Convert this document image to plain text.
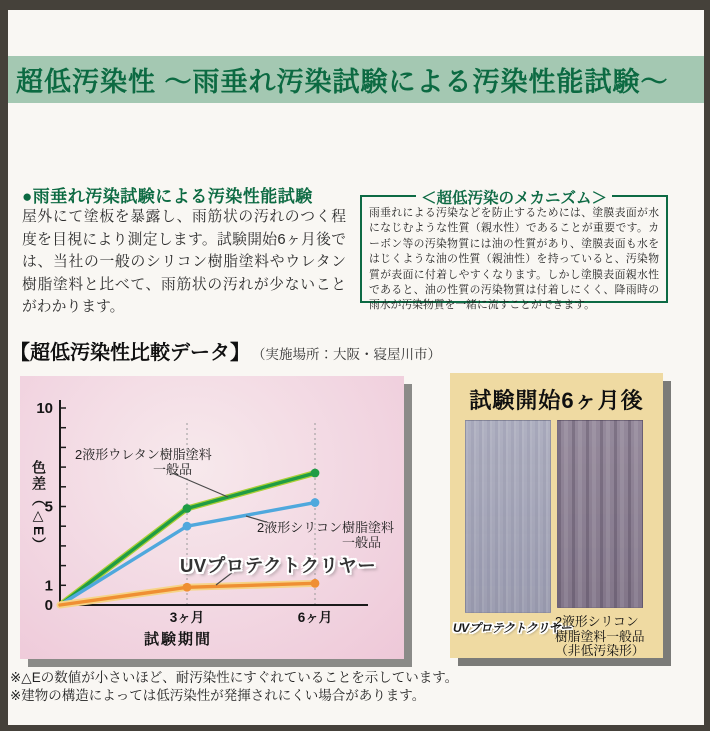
超低汚染性 ～雨垂れ汚染試験による汚染性能試験～
●雨垂れ汚染試験による汚染性能試験
屋外にて塗板を暴露し、雨筋状の汚れのつく程度を目視により測定します。試験開始6ヶ月後では、当社の一般のシリコン樹脂塗料やウレタン樹脂塗料と比べて、雨筋状の汚れが少ないことがわかります。
＜超低汚染のメカニズム＞
雨垂れによる汚染などを防止するためには、塗膜表面が水になじむような性質（親水性）であることが重要です。カーボン等の汚染物質には油の性質があり、塗膜表面も水をはじくような油の性質（親油性）を持っていると、汚染物質が表面に付着しやすくなります。しかし塗膜表面親水性であると、油の性質の汚染物質は付着しにくく、降雨時の雨水が汚染物質を一緒に流すことができます。
【超低汚染性比較データ】 （実施場所：大阪・寝屋川市）
10
5
1
0
3ヶ月	6ヶ月
試験期間
色差（△E）
2液形ウレタン樹脂塗料
一般品
2液形シリコン樹脂塗料
一般品
UVプロテクトクリヤー
試験開始6ヶ月後
UVプロテクトクリヤー
2液形シリコン
樹脂塗料一般品
（非低汚染形）
※△Eの数値が小さいほど、耐汚染性にすぐれていることを示しています。
※建物の構造によっては低汚染性が発揮されにくい場合があります。
